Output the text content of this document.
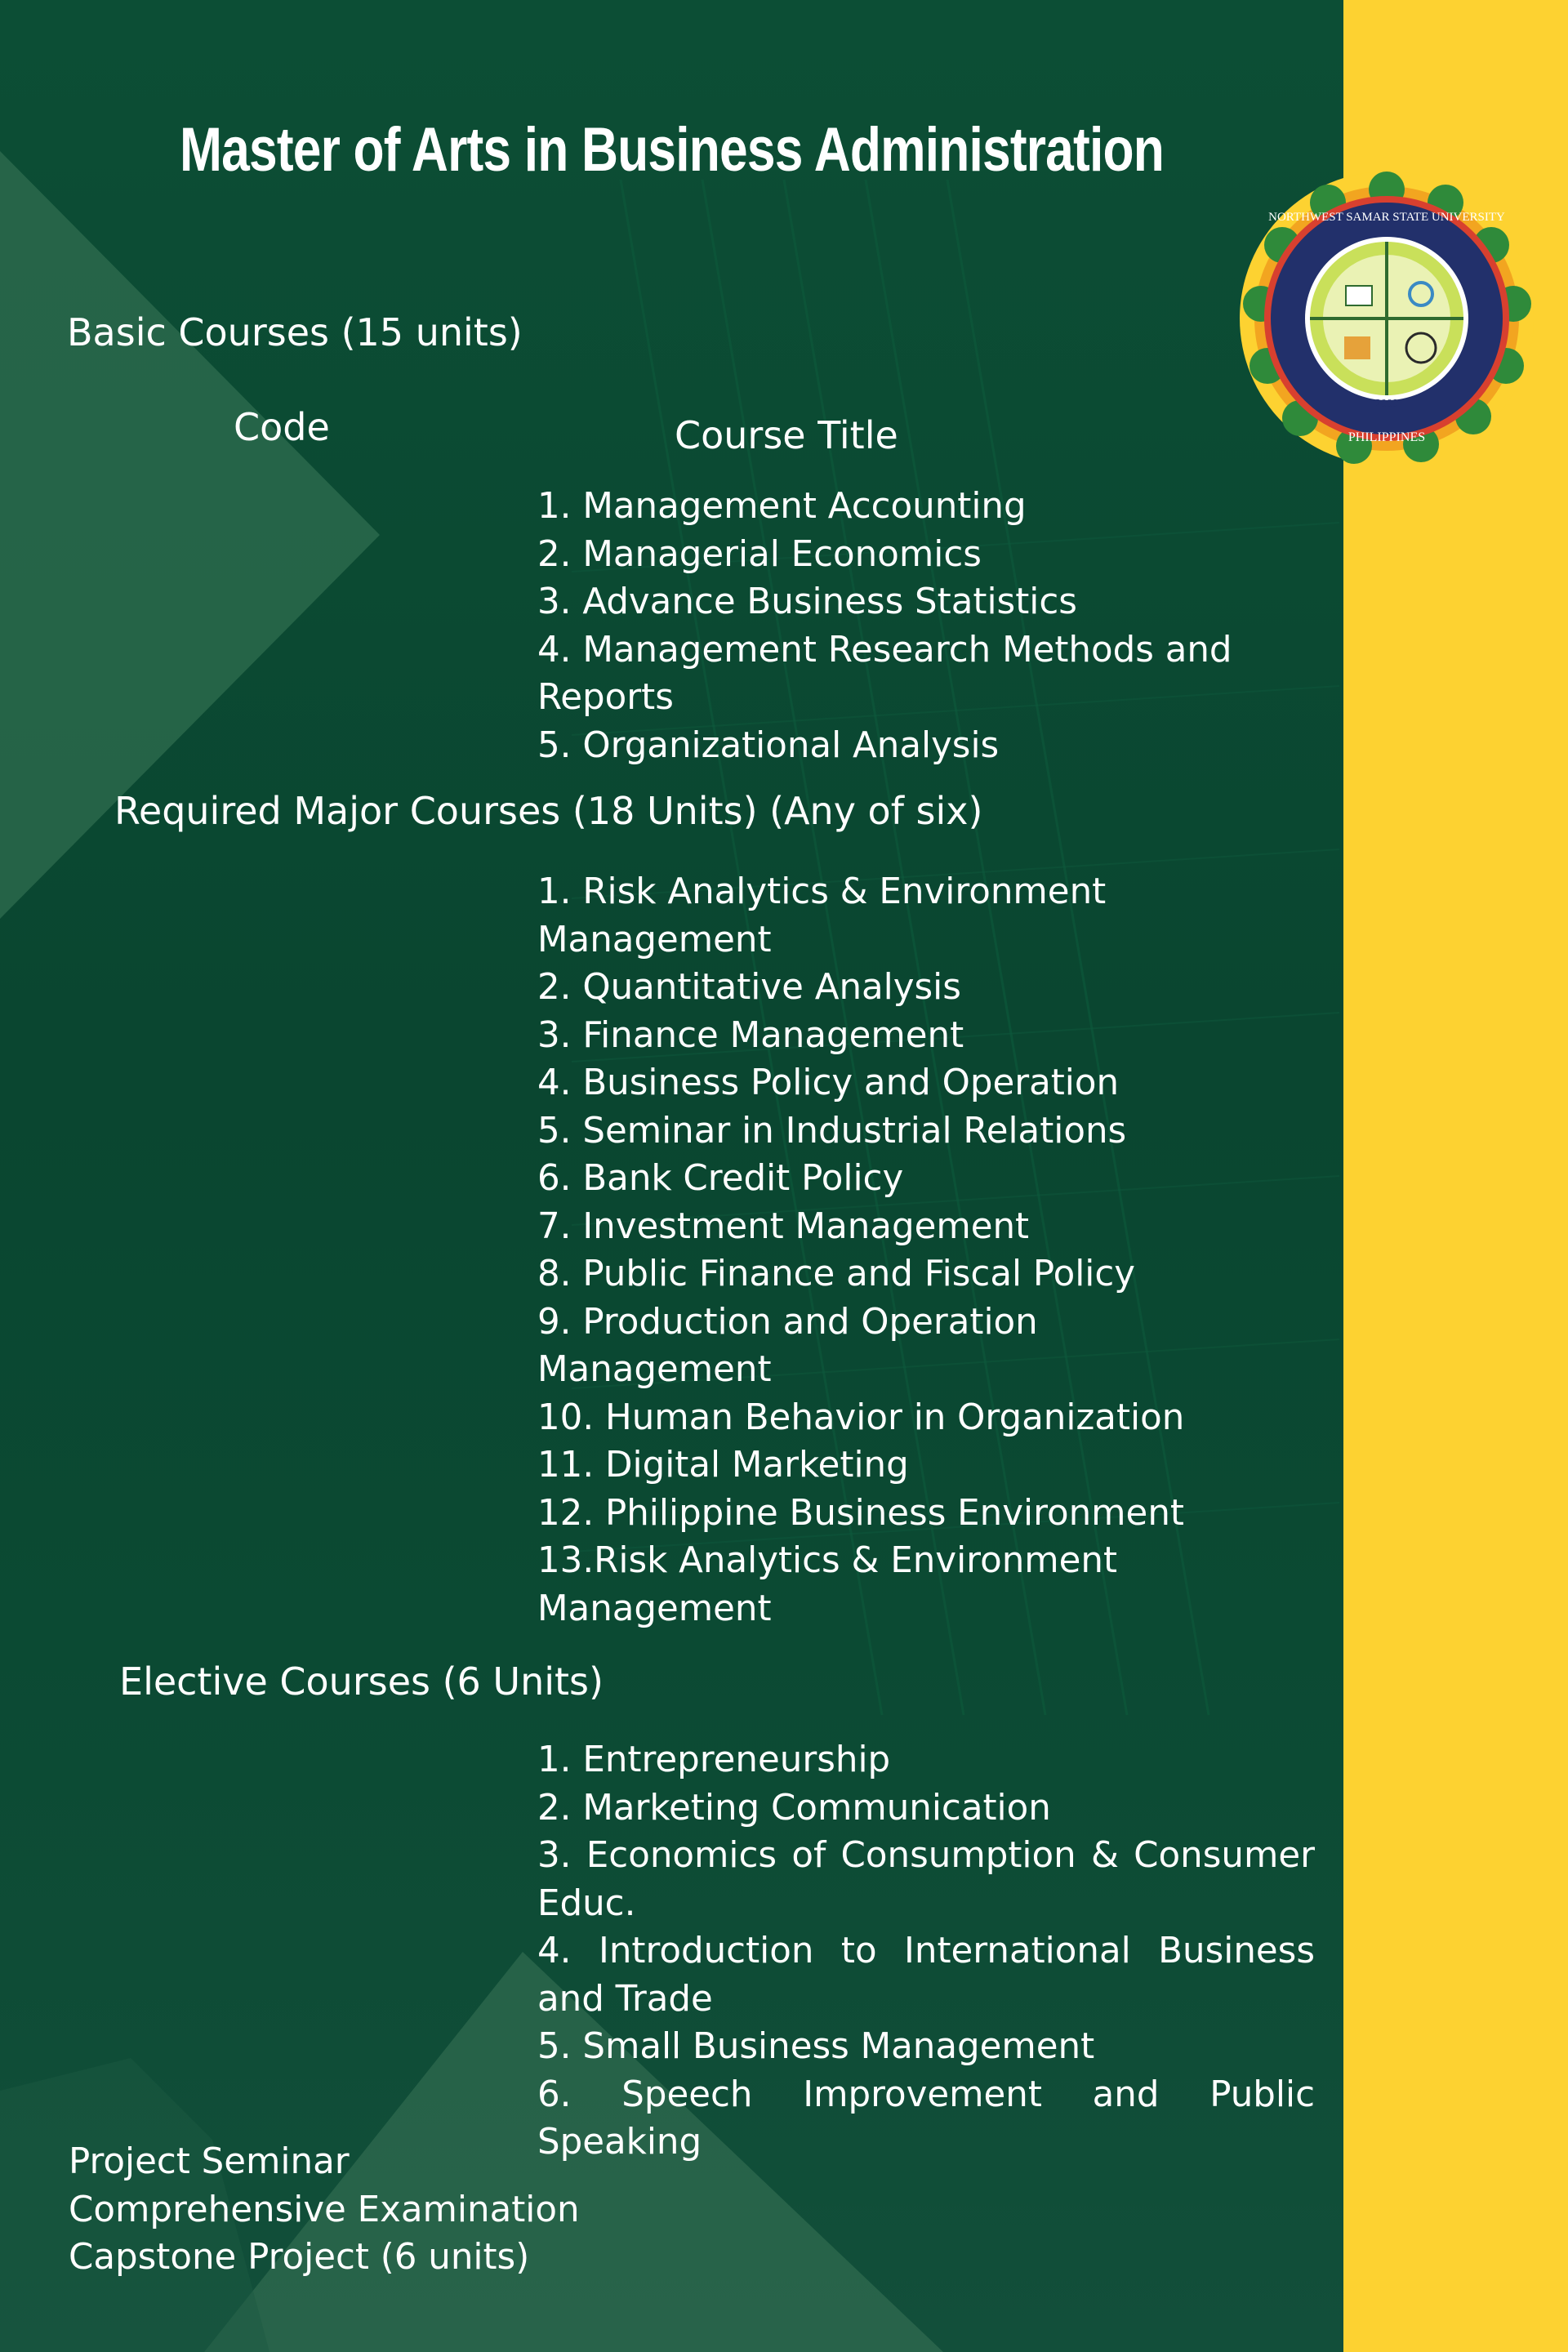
PHILIPPINES
2009
NORTHWEST SAMAR STATE UNIVERSITY
Master of Arts in Business Administration
Basic Courses (15 units)
Code	Course Title
1. Management Accounting
2. Managerial Economics
3. Advance Business Statistics
4. Management Research Methods and Reports
5. Organizational Analysis
Required Major Courses (18 Units) (Any of six)
1. Risk Analytics & Environment Management
2. Quantitative Analysis
3. Finance Management
4. Business Policy and Operation
5. Seminar in Industrial Relations
6. Bank Credit Policy
7. Investment Management
8. Public Finance and Fiscal Policy
9. Production and Operation Management
10. Human Behavior in Organization
11. Digital Marketing
12. Philippine Business Environment
13.Risk Analytics & Environment Management
Elective Courses (6 Units)
1. Entrepreneurship
2. Marketing Communication
3. Economics of Consumption & Consumer Educ.
4. Introduction to International Business and Trade
5. Small Business Management
6. Speech Improvement and Public Speaking
Project Seminar
Comprehensive Examination
Capstone Project (6 units)
